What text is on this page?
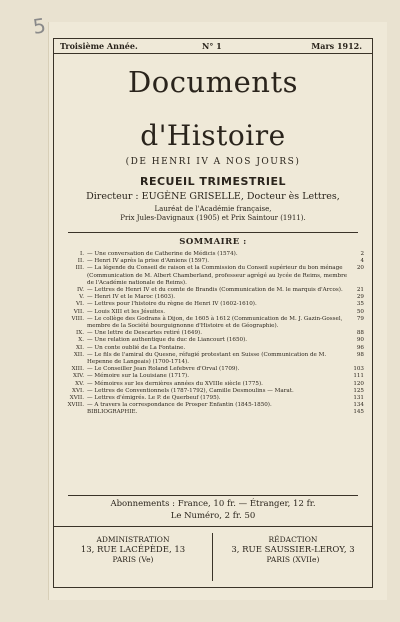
5
Troisième Année.	N° 1	Mars 1912.
Documents
d'Histoire
(DE HENRI IV A NOS JOURS)
RECUEIL TRIMESTRIEL
Directeur : EUGÈNE GRISELLE, Docteur ès Lettres,
Lauréat de l'Académie française,
Prix Jules-Davignaux (1905) et Prix Saintour (1911).
SOMMAIRE :
I. — Une conversation de Catherine de Médicis (1574).	2
II. — Henri IV après la prise d'Amiens (1597).	4
III. — La légende du Conseil de raison et la Commission du Conseil supérieur du bon ménage (Communication de M. Albert Chamberland, professeur agrégé au lycée de Reims, membre de l'Académie nationale de Reims).
20
IV. — Lettres de Henri IV et du comte de Brandis (Communication de M. le marquis d'Arcos).	21
V. — Henri IV et le Maroc (1603).	29
VI. — Lettres pour l'histoire du règne de Henri IV (1602-1610).	35
VII. — Louis XIII et les Jésuites.	50
VIII. — Le collège des Godrans à Dijon, de 1605 à 1612 (Communication de M. J. Gazin-Gossel, membre de la Société bourguignonne d'Histoire et de Géographie).
79
IX. — Une lettre de Descartes retiré (1649).	88
X. — Une relation authentique du duc de Liancourt (1650).	90
XI. — Un conte oublié de La Fontaine.	96
XII. — Le fils de l'amiral du Quesne, réfugié protestant en Suisse (Communication de M. Hepenne de Langeais) (1700-1714).
98
XIII. — Le Conseiller Jean Roland Lefebvre d'Orval (1709).	103
XIV. — Mémoire sur la Louisiane (1717).	111
XV. — Mémoires sur les dernières années du XVIIIe siècle (1775).	120
XVI. — Lettres de Conventionnels (1787-1792), Camille Desmoulins — Marat.	125
XVII. — Lettres d'émigrés. Le P. de Querbeuf (1795).	131
XVIII. — A travers la correspondance de Prosper Enfantin (1845-1850).	134
BIBLIOGRAPHIE.	145
Abonnements : France, 10 fr. — Étranger, 12 fr.
Le Numéro, 2 fr. 50
ADMINISTRATION
13, RUE LACÉPÈDE, 13
PARIS (Ve)
RÉDACTION
3, RUE SAUSSIER-LEROY, 3
PARIS (XVIIe)
